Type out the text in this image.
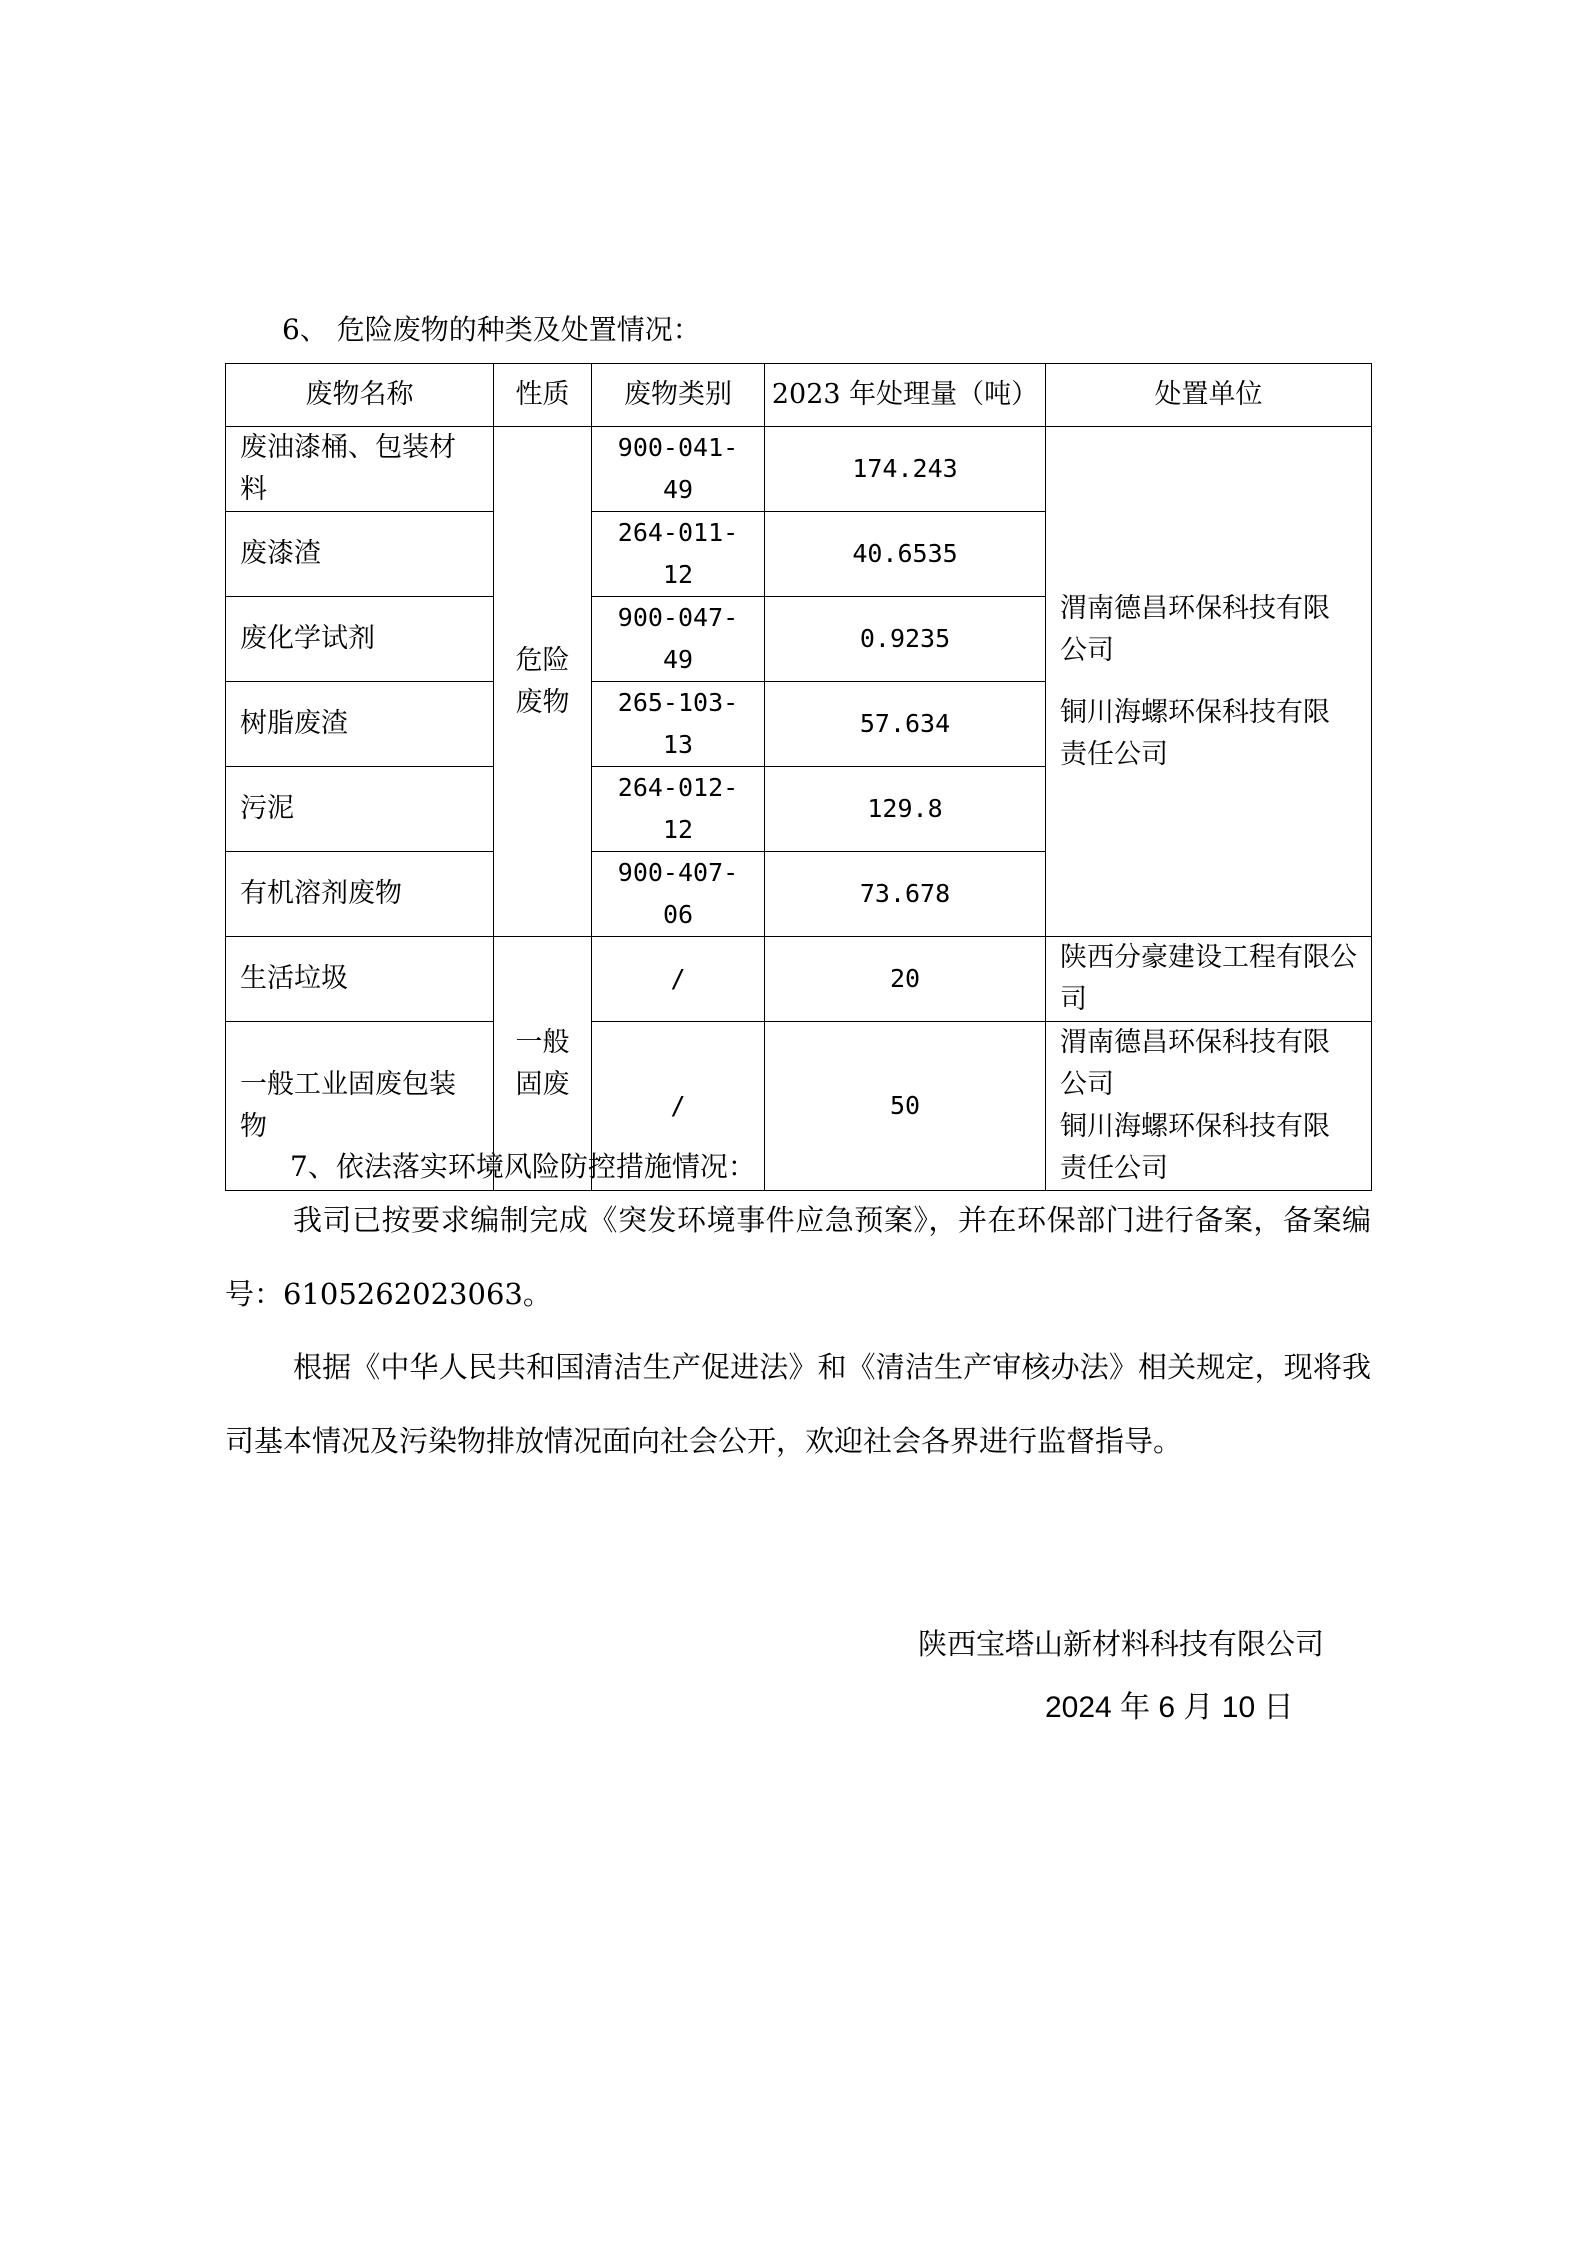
6、 危险废物的种类及处置情况：
废物名称	性质	废物类别	2023 年处理量（吨）	处置单位
废油漆桶、包装材料	危险废物	900-041-49	174.243	渭南德昌环保科技有限
公司
铜川海螺环保科技有限
责任公司

废漆渣		264-011-12	40.6535	
废化学试剂		900-047-49	0.9235	
树脂废渣		265-103-13	57.634	
污泥		264-012-12	129.8	
有机溶剂废物		900-407-06	73.678	
生活垃圾	一般固废	/	20	陕西分豪建设工程有限公司
一般工业固废包装物		/	50	渭南德昌环保科技有限
公司
铜川海螺环保科技有限
责任公司
7、依法落实环境风险防控措施情况：
我司已按要求编制完成《突发环境事件应急预案》，并在环保部门进行备案，备案编号：6105262023063。
根据《中华人民共和国清洁生产促进法》和《清洁生产审核办法》相关规定，现将我司基本情况及污染物排放情况面向社会公开，欢迎社会各界进行监督指导。
陕西宝塔山新材料科技有限公司
2024 年 6 月 10 日
